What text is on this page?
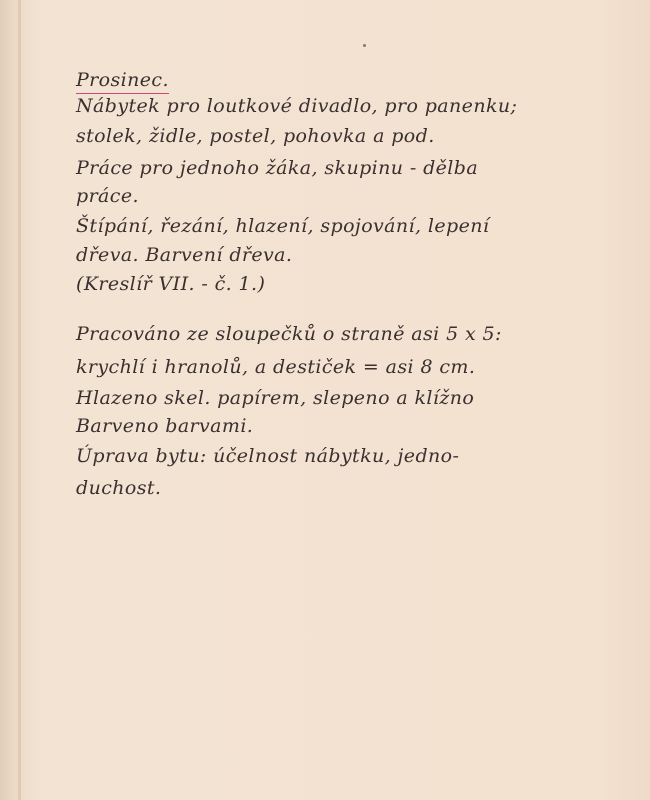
Prosinec.
Nábytek pro loutkové divadlo, pro panenku;
stolek, židle, postel, pohovka a pod.
Práce pro jednoho žáka, skupinu - dělba
práce.
Štípání, řezání, hlazení, spojování, lepení
dřeva. Barvení dřeva.
(Kreslíř VII. - č. 1.)
Pracováno ze sloupečků o straně asi 5 x 5:
krychlí i hranolů, a destiček = asi 8 cm.
Hlazeno skel. papírem, slepeno a klížno
Barveno barvami.
Úprava bytu: účelnost nábytku, jedno-
duchost.
